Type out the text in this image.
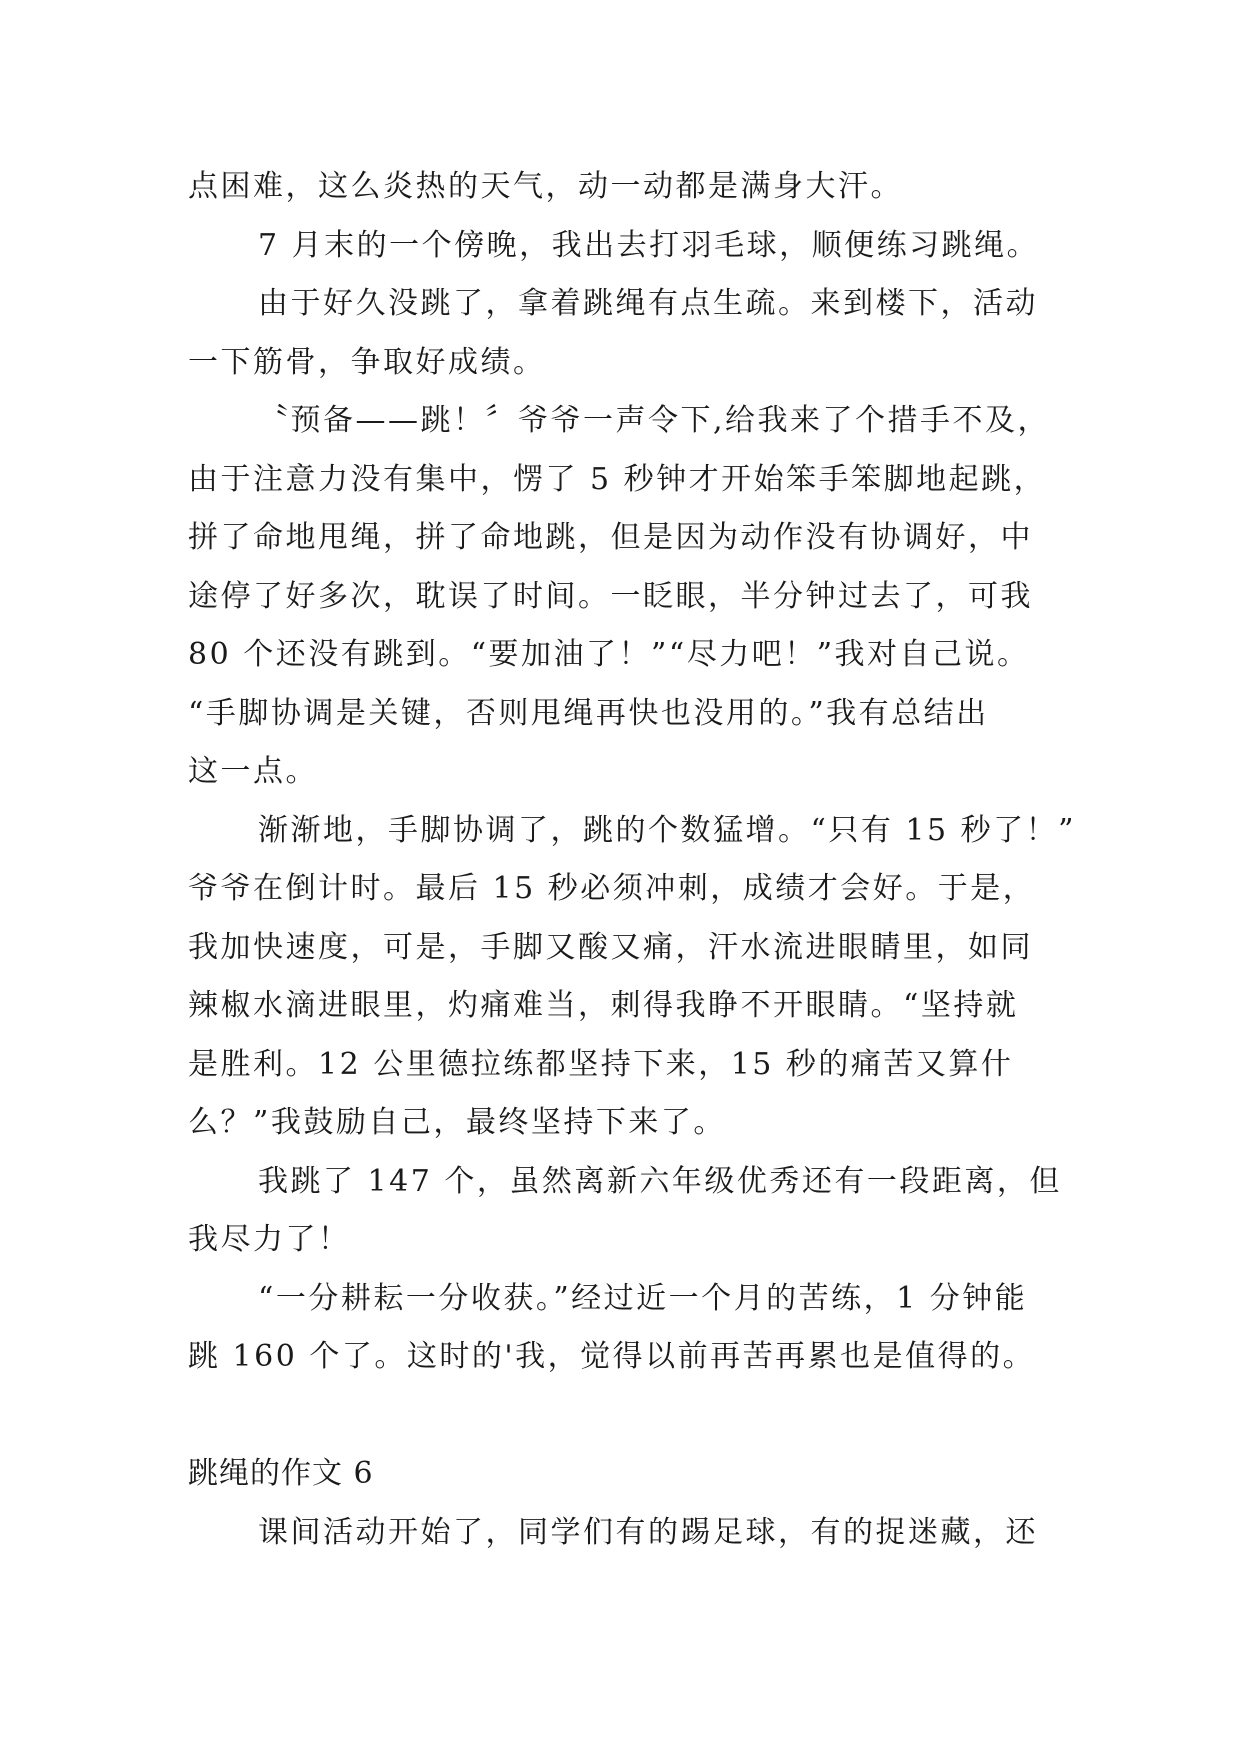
点困难，这么炎热的天气，动一动都是满身大汗。
7 月末的一个傍晚，我出去打羽毛球，顺便练习跳绳。
由于好久没跳了，拿着跳绳有点生疏。来到楼下，活动
一下筋骨，争取好成绩。
〝预备——跳！〞爷爷一声令下,给我来了个措手不及，
由于注意力没有集中，愣了 5 秒钟才开始笨手笨脚地起跳，
拼了命地甩绳，拼了命地跳，但是因为动作没有协调好，中
途停了好多次，耽误了时间。一眨眼，半分钟过去了，可我
80 个还没有跳到。“要加油了！”“尽力吧！”我对自己说。
“手脚协调是关键，否则甩绳再快也没用的。”我有总结出
这一点。
渐渐地，手脚协调了，跳的个数猛增。“只有 15 秒了！”
爷爷在倒计时。最后 15 秒必须冲刺，成绩才会好。于是，
我加快速度，可是，手脚又酸又痛，汗水流进眼睛里，如同
辣椒水滴进眼里，灼痛难当，刺得我睁不开眼睛。“坚持就
是胜利。12 公里德拉练都坚持下来，15 秒的痛苦又算什
么？”我鼓励自己，最终坚持下来了。
我跳了 147 个，虽然离新六年级优秀还有一段距离，但
我尽力了！
“一分耕耘一分收获。”经过近一个月的苦练，1 分钟能
跳 160 个了。这时的'我，觉得以前再苦再累也是值得的。
跳绳的作文 6
课间活动开始了，同学们有的踢足球，有的捉迷藏，还
